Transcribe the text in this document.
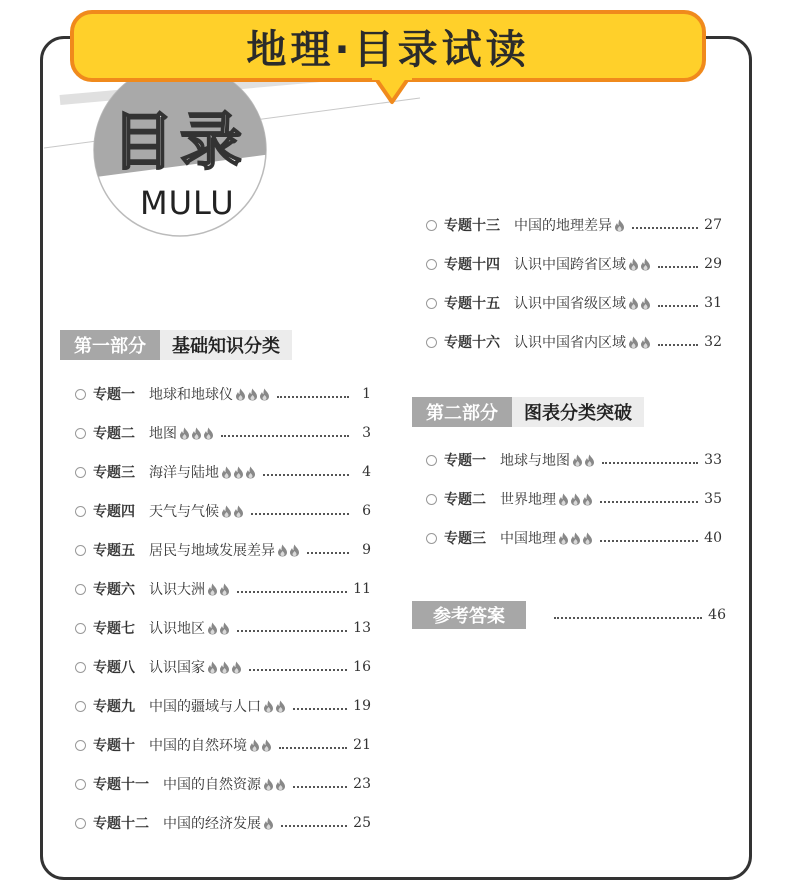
地理·目录试读
目录
MULU
第一部分	基础知识分类
第二部分	图表分类突破
专题一 地球和地球仪	1
专题二 地图	3
专题三 海洋与陆地	4
专题四 天气与气候	6
专题五 居民与地域发展差异	9
专题六 认识大洲	11
专题七 认识地区	13
专题八 认识国家	16
专题九 中国的疆域与人口	19
专题十 中国的自然环境	21
专题十一 中国的自然资源	23
专题十二 中国的经济发展	25
专题十三 中国的地理差异	27
专题十四 认识中国跨省区域	29
专题十五 认识中国省级区域	31
专题十六 认识中国省内区域	32
专题一 地球与地图	33
专题二 世界地理	35
专题三 中国地理	40
参考答案	46
